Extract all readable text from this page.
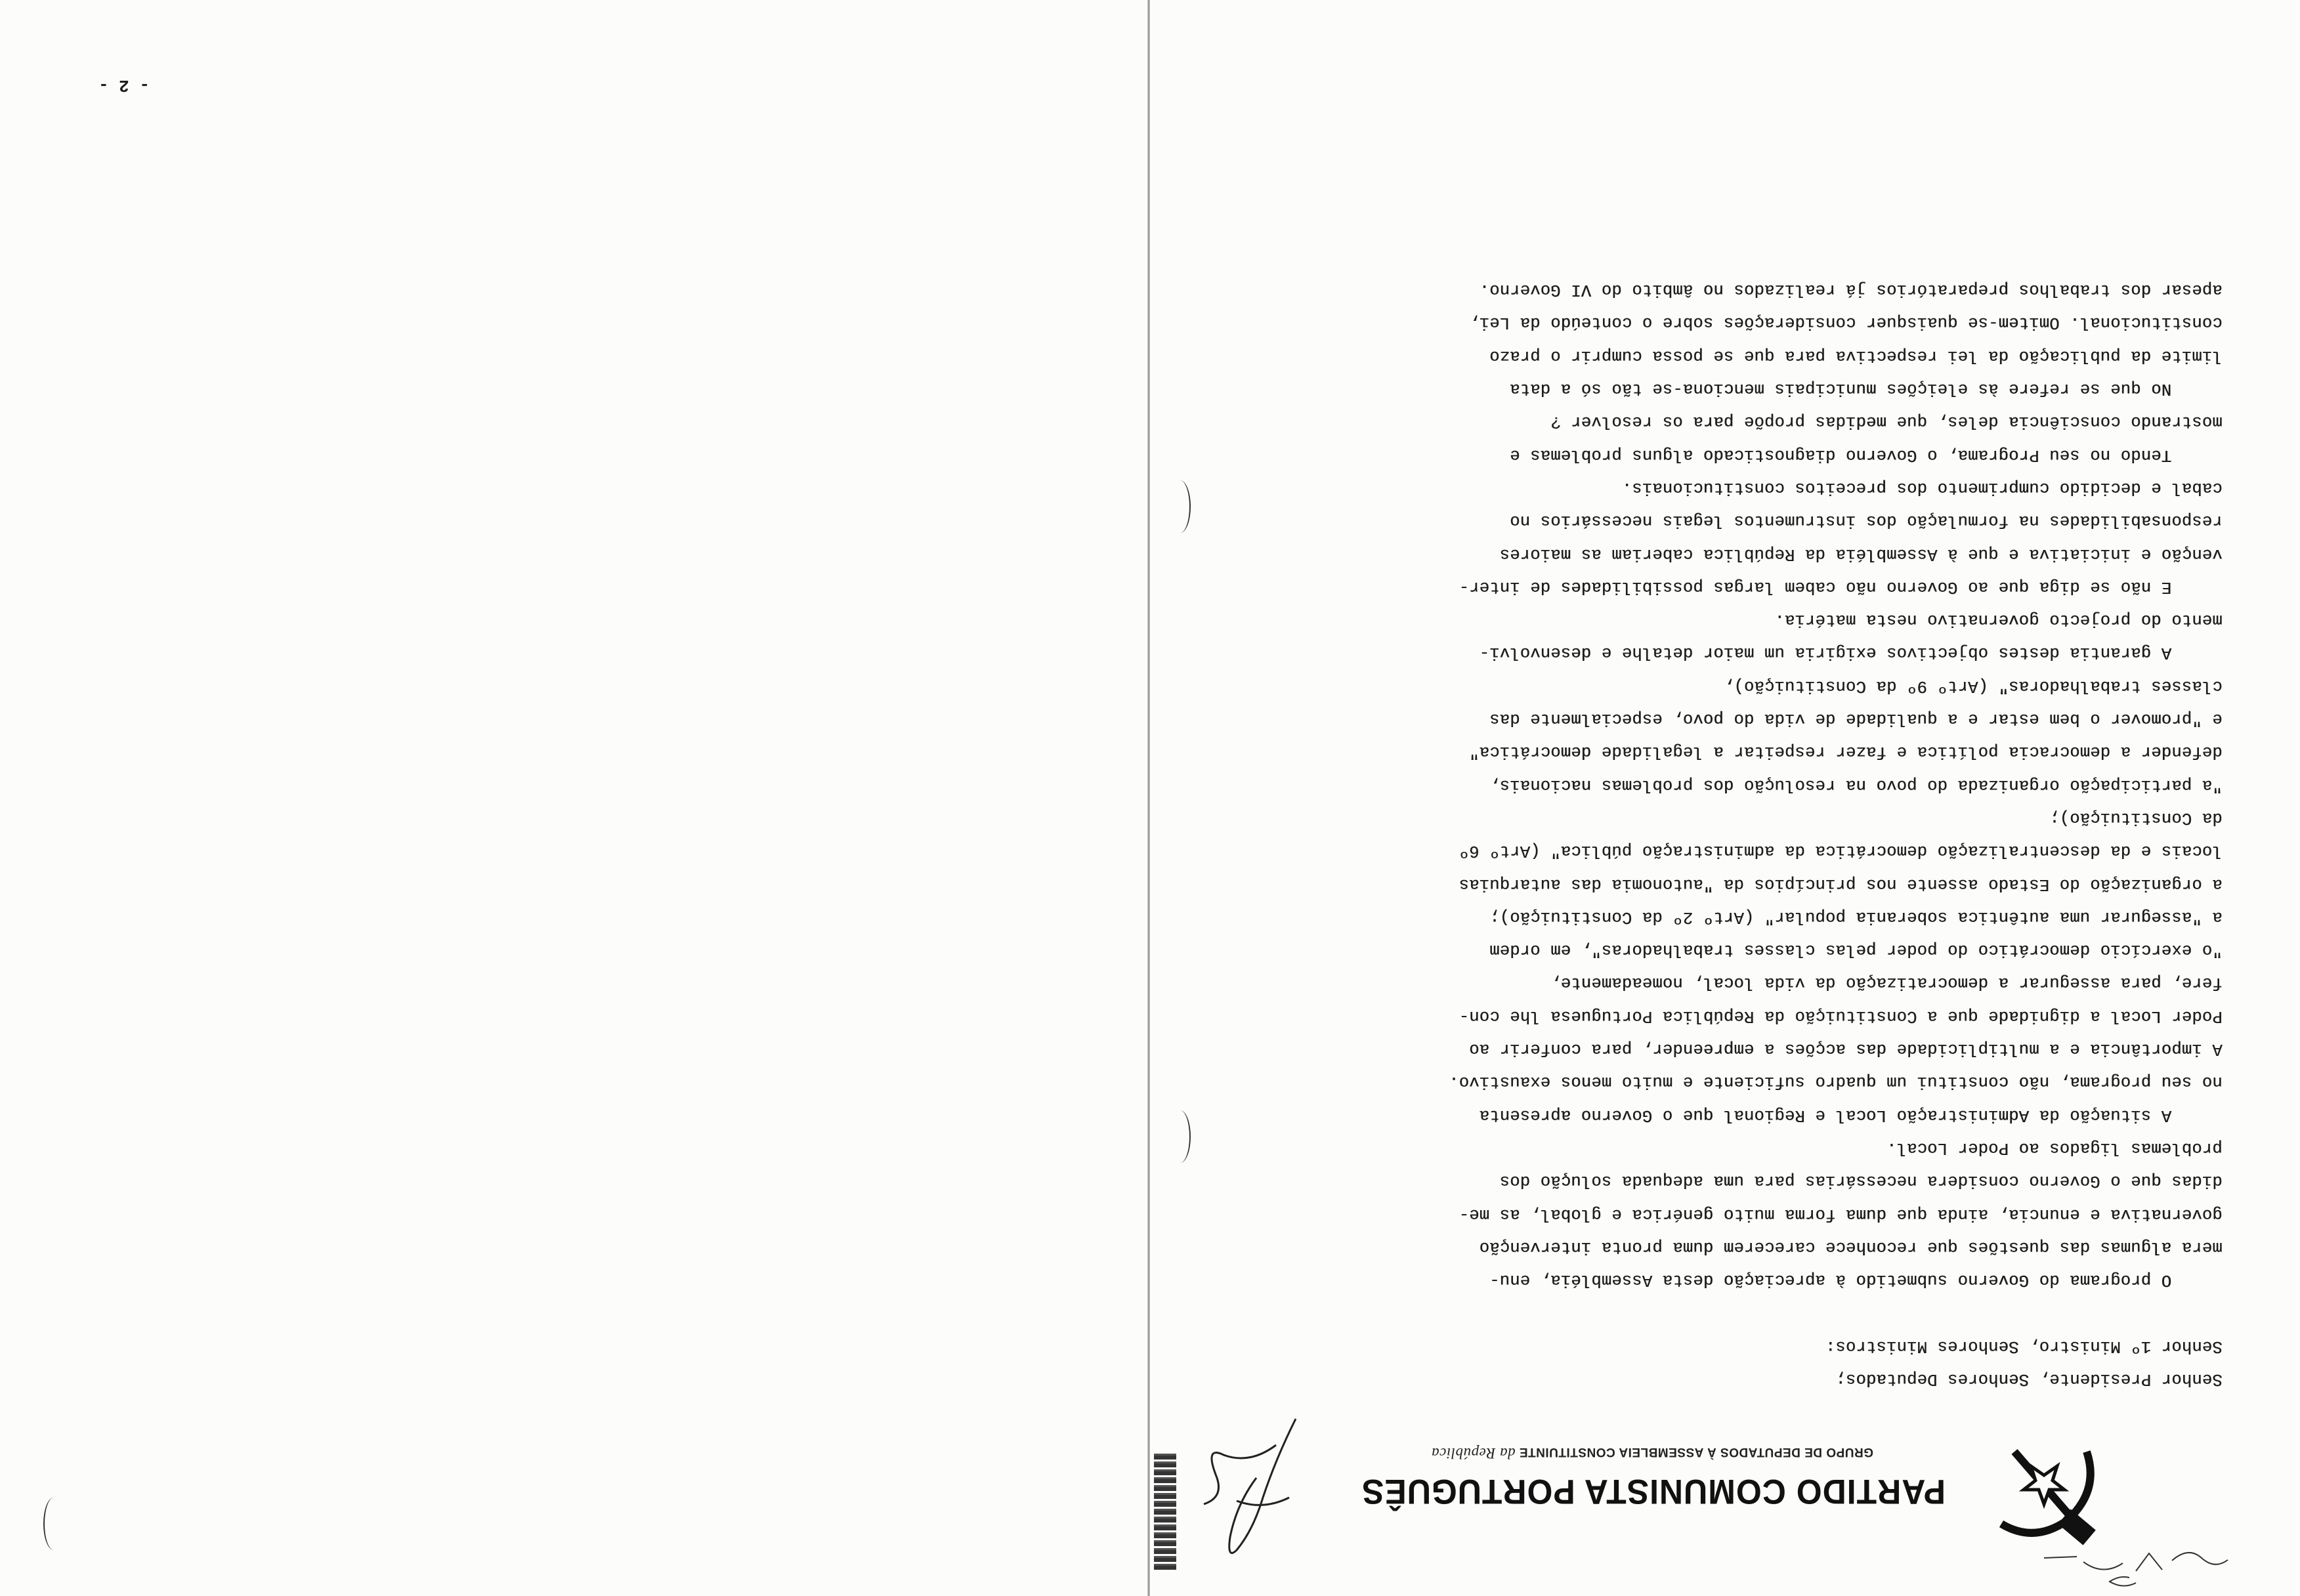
PARTIDO COMUNISTA PORTUGUÊS
GRUPO DE DEPUTADOS À ASSEMBLEIA CONSTITUINTE da República
Senhor Presidente, Senhores Deputados;
Senhor 1º Ministro, Senhores Ministros:

O programa do Governo submetido à apreciação desta Assembléia, enu-
mera algumas das questões que reconhece carecerem duma pronta intervenção
governativa e enuncia, ainda que duma forma muito genérica e global, as me-
didas que o Governo considera necessárias para uma adequada solução dos
problemas ligados ao Poder Local.
A situação da Administração Local e Regional que o Governo apresenta
no seu programa, não constitui um quadro suficiente e muito menos exaustivo.
A importância e a multiplicidade das acções a empreender, para conferir ao
Poder Local a dignidade que a Constituição da República Portuguesa lhe con-
fere, para assegurar a democratização da vida local, nomeadamente,
"o exercício democrático do poder pelas classes trabalhadoras", em ordem
a "assegurar uma autêntica soberania popular" (Artº 2º da Constituição);
a organização do Estado assente nos princípios da "autonomia das autarquias
locais e da descentralização democrática da administração pública" (Artº 6º
da Constituição);
"a participação organizada do povo na resolução dos problemas nacionais,
defender a democracia política e fazer respeitar a legalidade democrática"
e "promover o bem estar e a qualidade de vida do povo, especialmente das
classes trabalhadoras" (Artº 9º da Constituição),
A garantia destes objectivos exigiria um maior detalhe e desenvolvi-
mento do projecto governativo nesta matéria.
E não se diga que ao Governo não cabem largas possibilidades de inter-
venção e iniciativa e que à Assembléia da República caberiam as maiores
responsabilidades na formulação dos instrumentos legais necessários no
cabal e decidido cumprimento dos preceitos constitucionais.
Tendo no seu Programa, o Governo diagnosticado alguns problemas e
mostrando consciência deles, que medidas propõe para os resolver ?
No que se refere às eleições municipais menciona-se tão só a data
limite da publicação da lei respectiva para que se possa cumprir o prazo
constitucional. Omitem-se quaisquer considerações sobre o conteúdo da Lei,
apesar dos trabalhos preparatórios já realizados no âmbito do VI Governo.
- 2 -
